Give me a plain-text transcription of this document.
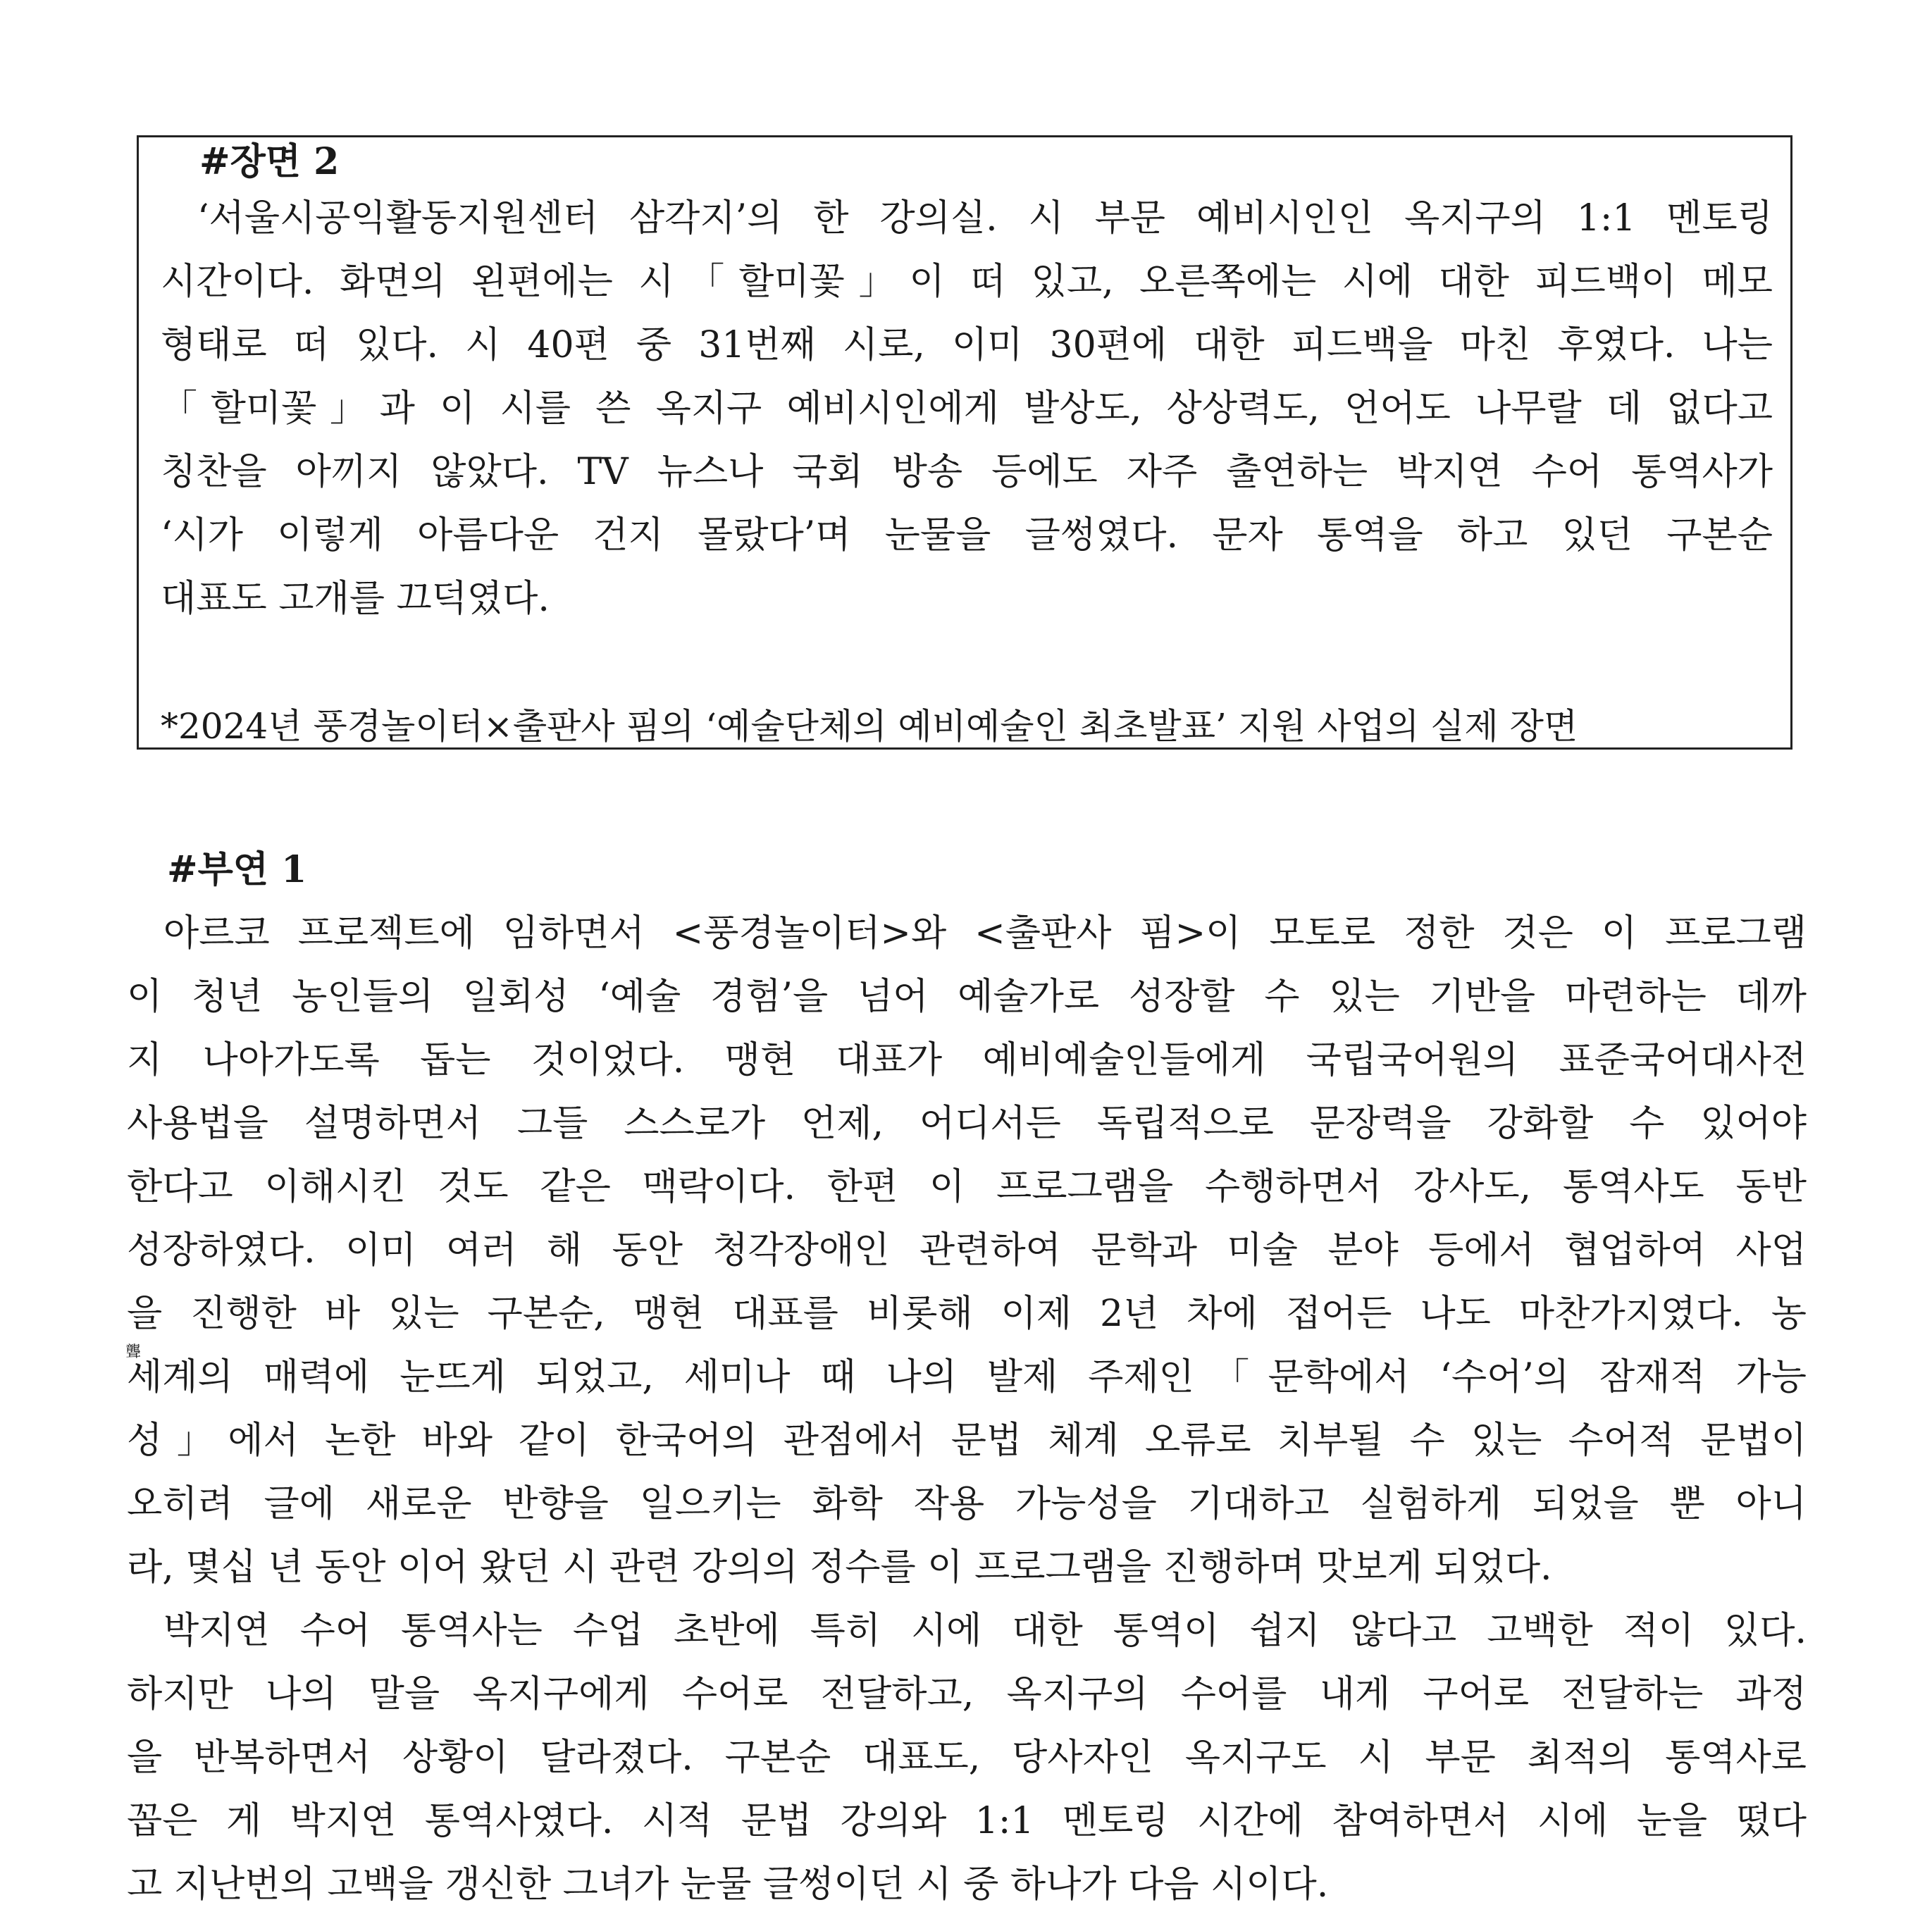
#장면 2
‘서울시공익활동지원센터 삼각지’의 한 강의실. 시 부문 예비시인인 옥지구의 1:1 멘토링
시간이다. 화면의 왼편에는 시「할미꽃」이 떠 있고, 오른쪽에는 시에 대한 피드백이 메모
형태로 떠 있다. 시 40편 중 31번째 시로, 이미 30편에 대한 피드백을 마친 후였다. 나는
「할미꽃」과 이 시를 쓴 옥지구 예비시인에게 발상도, 상상력도, 언어도 나무랄 데 없다고
칭찬을 아끼지 않았다. TV 뉴스나 국회 방송 등에도 자주 출연하는 박지연 수어 통역사가
‘시가 이렇게 아름다운 건지 몰랐다’며 눈물을 글썽였다. 문자 통역을 하고 있던 구본순
대표도 고개를 끄덕였다.
*2024년 풍경놀이터×출판사 핌의 ‘예술단체의 예비예술인 최초발표’ 지원 사업의 실제 장면
#부연 1
아르코 프로젝트에 임하면서 <풍경놀이터>와 <출판사 핌>이 모토로 정한 것은 이 프로그램
이 청년 농인들의 일회성 ‘예술 경험’을 넘어 예술가로 성장할 수 있는 기반을 마련하는 데까
지 나아가도록 돕는 것이었다. 맹현 대표가 예비예술인들에게 국립국어원의 표준국어대사전
사용법을 설명하면서 그들 스스로가 언제, 어디서든 독립적으로 문장력을 강화할 수 있어야
한다고 이해시킨 것도 같은 맥락이다. 한편 이 프로그램을 수행하면서 강사도, 통역사도 동반
성장하였다. 이미 여러 해 동안 청각장애인 관련하여 문학과 미술 분야 등에서 협업하여 사업
을 진행한 바 있는 구본순, 맹현 대표를 비롯해 이제 2년 차에 접어든 나도 마찬가지였다. 농
聾
세계의 매력에 눈뜨게 되었고, 세미나 때 나의 발제 주제인「문학에서 ‘수어’의 잠재적 가능
성」에서 논한 바와 같이 한국어의 관점에서 문법 체계 오류로 치부될 수 있는 수어적 문법이
오히려 글에 새로운 반향을 일으키는 화학 작용 가능성을 기대하고 실험하게 되었을 뿐 아니
라, 몇십 년 동안 이어 왔던 시 관련 강의의 정수를 이 프로그램을 진행하며 맛보게 되었다.
박지연 수어 통역사는 수업 초반에 특히 시에 대한 통역이 쉽지 않다고 고백한 적이 있다.
하지만 나의 말을 옥지구에게 수어로 전달하고, 옥지구의 수어를 내게 구어로 전달하는 과정
을 반복하면서 상황이 달라졌다. 구본순 대표도, 당사자인 옥지구도 시 부문 최적의 통역사로
꼽은 게 박지연 통역사였다. 시적 문법 강의와 1:1 멘토링 시간에 참여하면서 시에 눈을 떴다
고 지난번의 고백을 갱신한 그녀가 눈물 글썽이던 시 중 하나가 다음 시이다.
